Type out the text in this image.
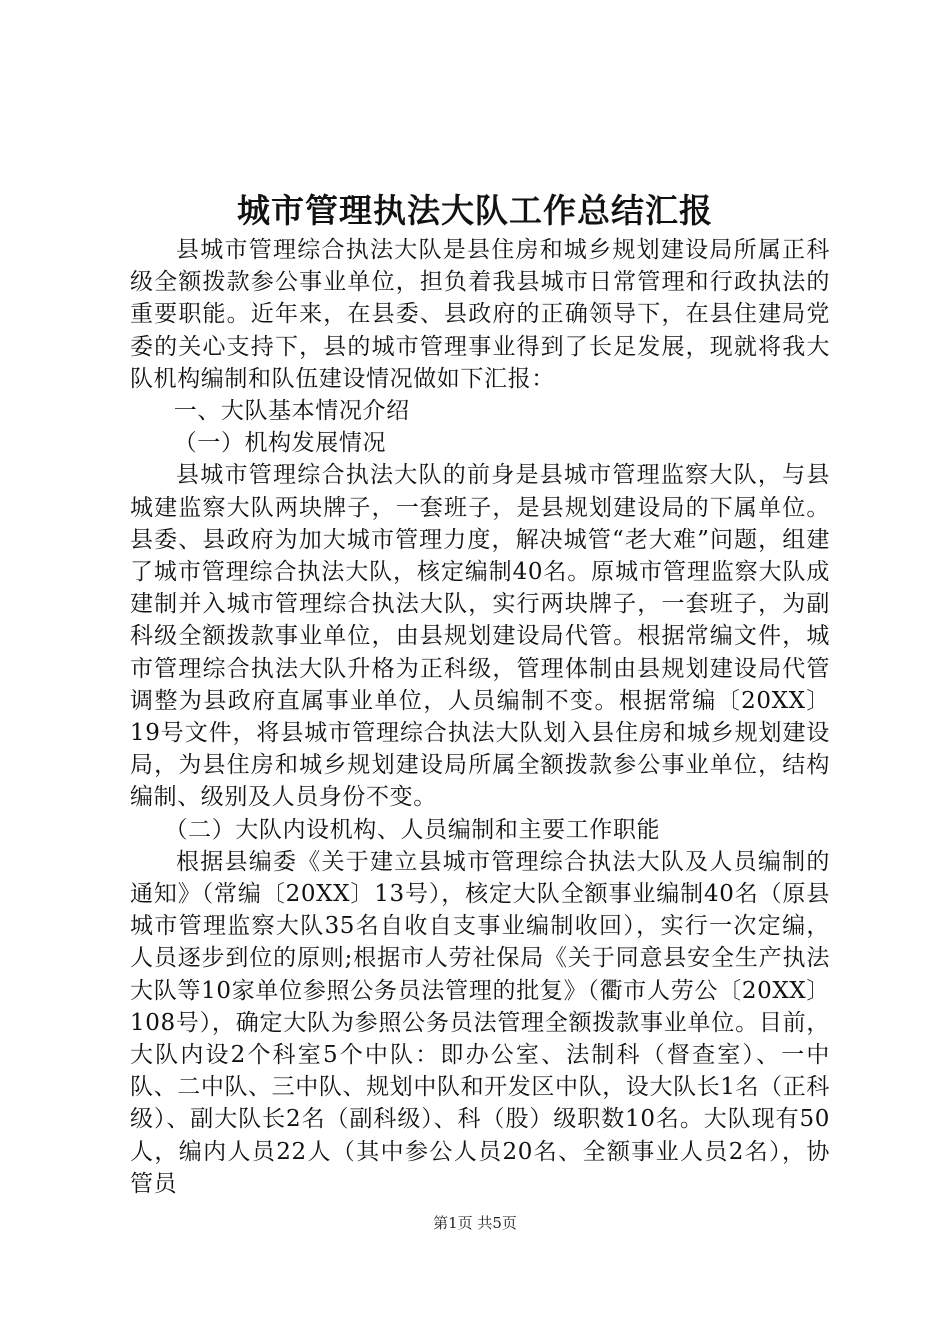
城市管理执法大队工作总结汇报

县城市管理综合执法大队是县住房和城乡规划建设局所属正科级全额拨款参公事业单位，担负着我县城市日常管理和行政执法的重要职能。近年来，在县委、县政府的正确领导下，在县住建局党委的关心支持下，县的城市管理事业得到了长足发展，现就将我大队机构编制和队伍建设情况做如下汇报：

一、大队基本情况介绍

（一）机构发展情况

县城市管理综合执法大队的前身是县城市管理监察大队，与县城建监察大队两块牌子，一套班子，是县规划建设局的下属单位。县委、县政府为加大城市管理力度，解决城管“老大难”问题，组建了城市管理综合执法大队，核定编制40名。原城市管理监察大队成建制并入城市管理综合执法大队，实行两块牌子，一套班子，为副科级全额拨款事业单位，由县规划建设局代管。根据常编文件，城市管理综合执法大队升格为正科级，管理体制由县规划建设局代管调整为县政府直属事业单位，人员编制不变。根据常编〔20XX〕19号文件，将县城市管理综合执法大队划入县住房和城乡规划建设局，为县住房和城乡规划建设局所属全额拨款参公事业单位，结构编制、级别及人员身份不变。

（二）大队内设机构、人员编制和主要工作职能

根据县编委《关于建立县城市管理综合执法大队及人员编制的通知》（常编〔20XX〕13号），核定大队全额事业编制40名（原县城市管理监察大队35名自收自支事业编制收回），实行一次定编，人员逐步到位的原则;根据市人劳社保局《关于同意县安全生产执法大队等10家单位参照公务员法管理的批复》（衢市人劳公〔20XX〕108号），确定大队为参照公务员法管理全额拨款事业单位。目前，大队内设2个科室5个中队：即办公室、法制科（督查室）、一中队、二中队、三中队、规划中队和开发区中队，设大队长1名（正科级）、副大队长2名（副科级）、科（股）级职数10名。大队现有50人，编内人员22人（其中参公人员20名、全额事业人员2名），协管员

第1页 共5页
